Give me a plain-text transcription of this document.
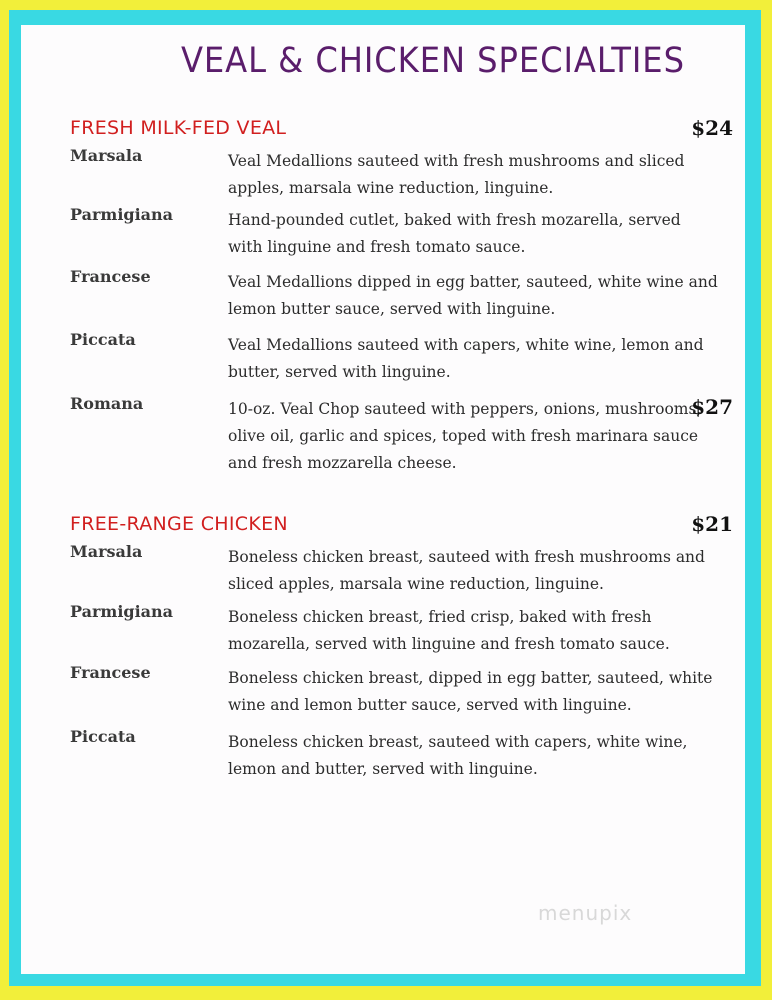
VEAL & CHICKEN SPECIALTIES
FRESH MILK-FED VEAL	$24
Marsala	Veal Medallions sauteed with fresh mushrooms and sliced apples, marsala wine reduction, linguine.
Parmigiana	Hand-pounded cutlet, baked with fresh mozarella, served with linguine and fresh tomato sauce.
Francese	Veal Medallions dipped in egg batter, sauteed, white wine and lemon butter sauce, served with linguine.
Piccata	Veal Medallions sauteed with capers, white wine, lemon and butter, served with linguine.
Romana	10-oz. Veal Chop sauteed with peppers, onions, mushrooms, olive oil, garlic and spices, toped with fresh marinara sauce and fresh mozzarella cheese.
$27
FREE-RANGE CHICKEN	$21
Marsala	Boneless chicken breast, sauteed with fresh mushrooms and sliced apples, marsala wine reduction, linguine.
Parmigiana	Boneless chicken breast, fried crisp, baked with fresh mozarella, served with linguine and fresh tomato sauce.
Francese	Boneless chicken breast, dipped in egg batter, sauteed, white wine and lemon butter sauce, served with linguine.
Piccata	Boneless chicken breast, sauteed with capers, white wine, lemon and butter, served with linguine.
menupix
